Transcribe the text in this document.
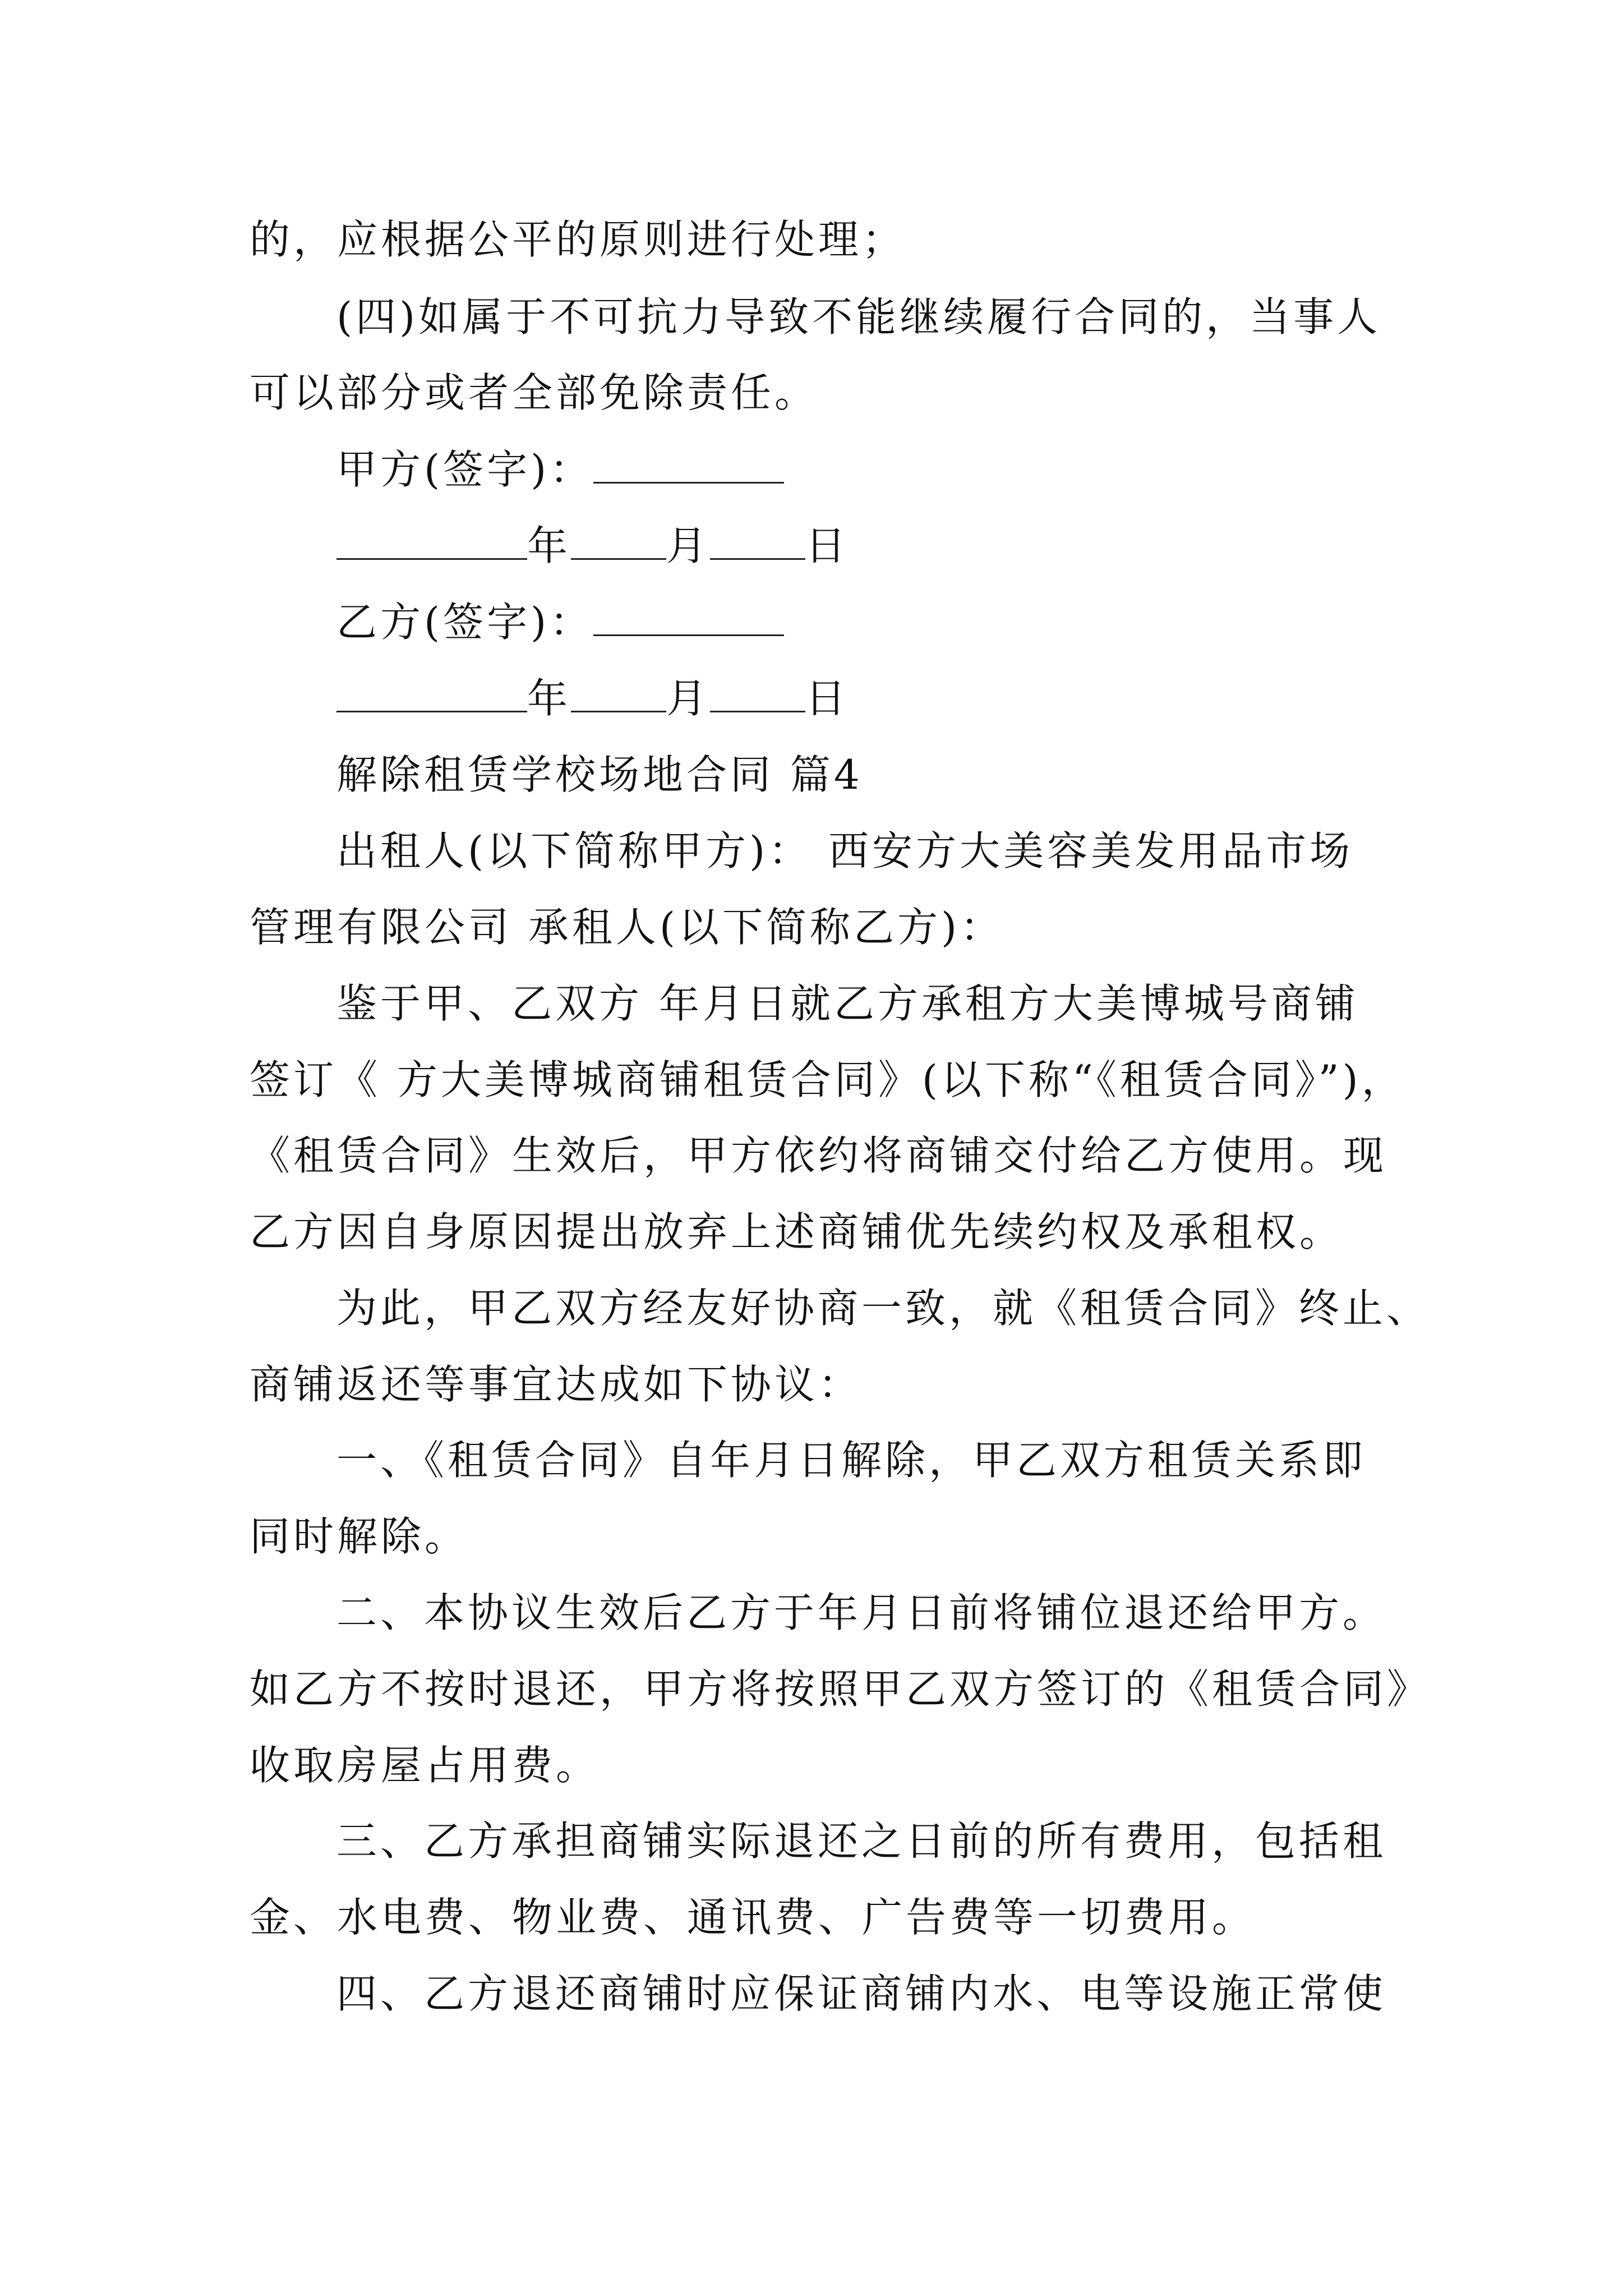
的，应根据公平的原则进行处理；
(四)如属于不可抗力导致不能继续履行合同的，当事人
可以部分或者全部免除责任。
甲方(签字)：
年 月 日
乙方(签字)：
年 月 日
解除租赁学校场地合同 篇4
出租人(以下简称甲方)： 西安方大美容美发用品市场
管理有限公司 承租人(以下简称乙方)：
鉴于甲、乙双方 年月日就乙方承租方大美博城号商铺
签订《 方大美博城商铺租赁合同》(以下称“《租赁合同》”)，
《租赁合同》生效后，甲方依约将商铺交付给乙方使用。现
乙方因自身原因提出放弃上述商铺优先续约权及承租权。
为此，甲乙双方经友好协商一致，就《租赁合同》终止、
商铺返还等事宜达成如下协议：
一、《租赁合同》自年月日解除，甲乙双方租赁关系即
同时解除。
二、本协议生效后乙方于年月日前将铺位退还给甲方。
如乙方不按时退还，甲方将按照甲乙双方签订的《租赁合同》
收取房屋占用费。
三、乙方承担商铺实际退还之日前的所有费用，包括租
金、水电费、物业费、通讯费、广告费等一切费用。
四、乙方退还商铺时应保证商铺内水、电等设施正常使
